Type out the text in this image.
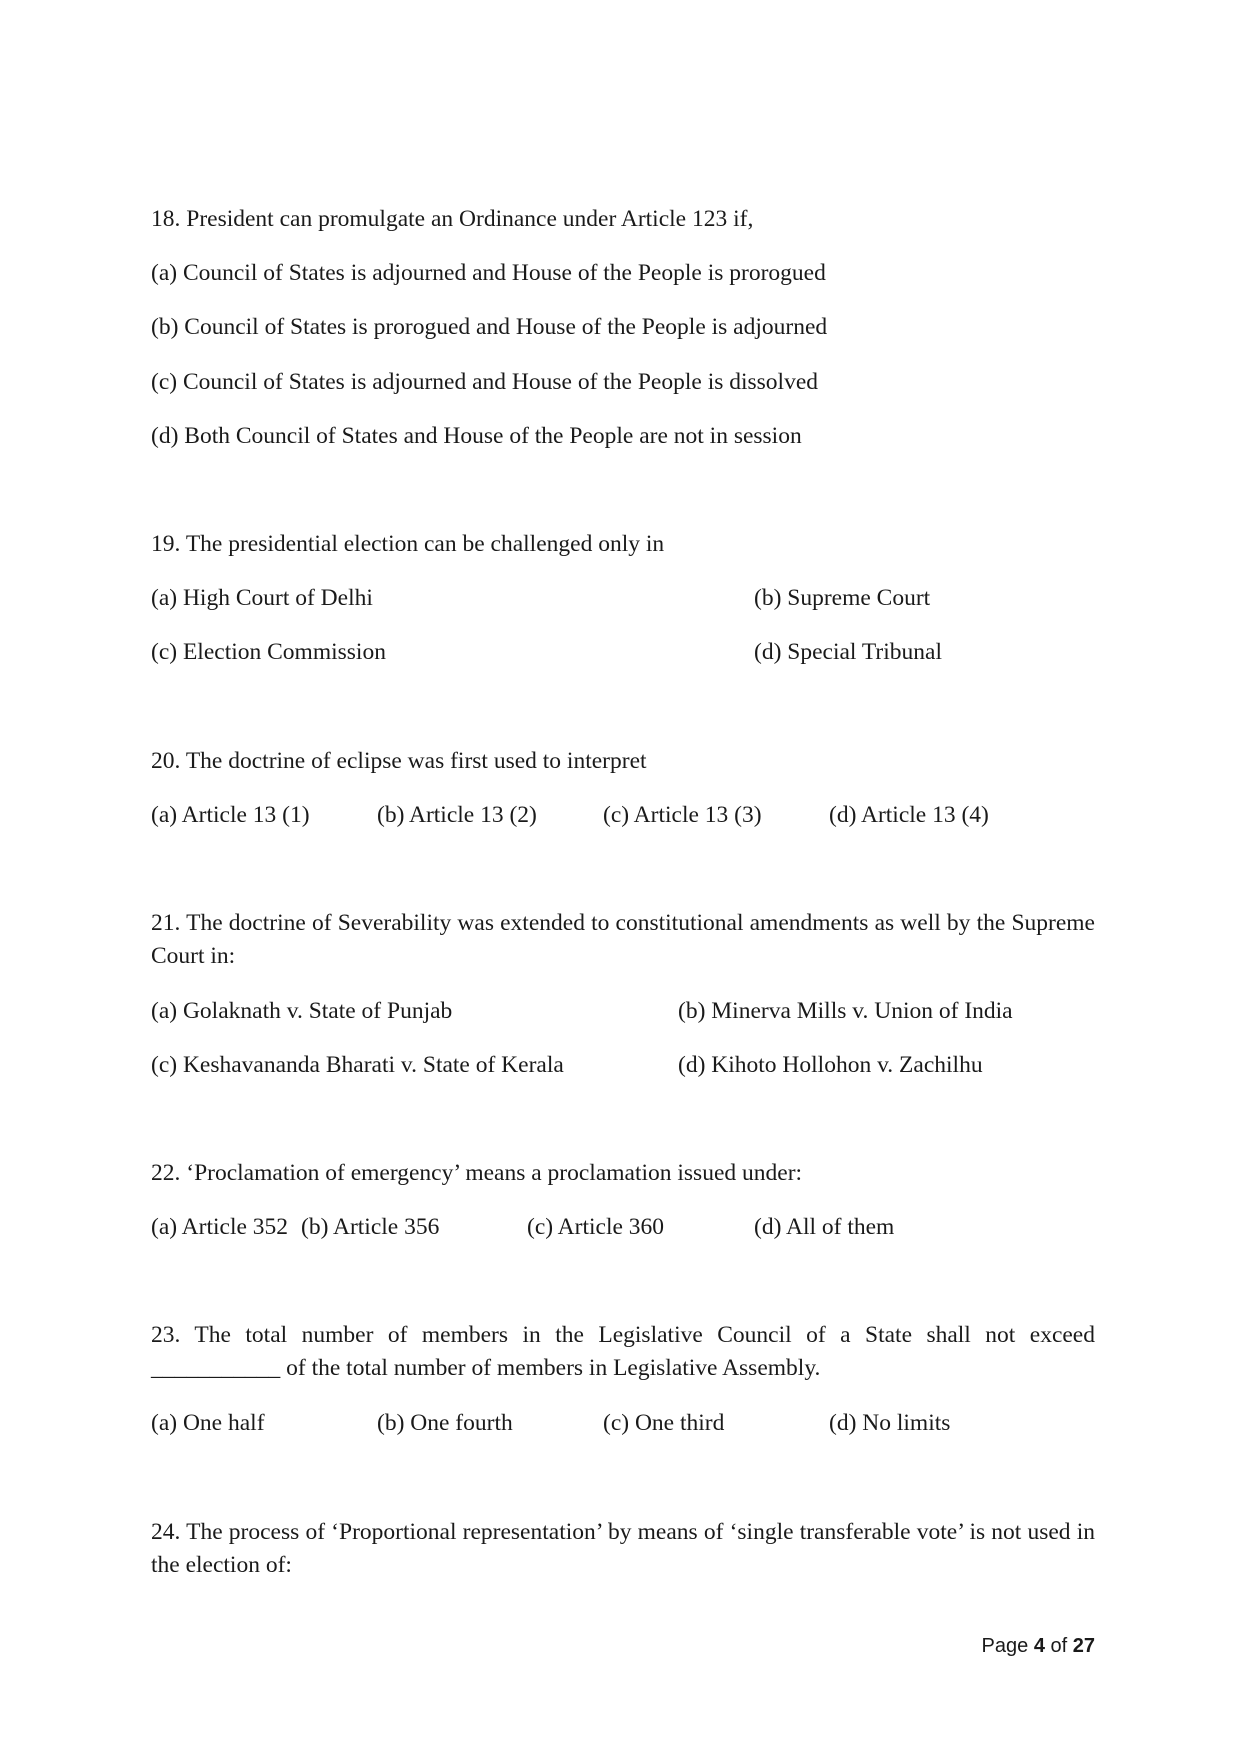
18. President can promulgate an Ordinance under Article 123 if,
(a) Council of States is adjourned and House of the People is prorogued
(b) Council of States is prorogued and House of the People is adjourned
(c) Council of States is adjourned and House of the People is dissolved
(d) Both Council of States and House of the People are not in session
19. The presidential election can be challenged only in
(a) High Court of Delhi	(b) Supreme Court
(c) Election Commission	(d) Special Tribunal
20. The doctrine of eclipse was first used to interpret
(a) Article 13 (1)	(b) Article 13 (2)	(c) Article 13 (3)	(d) Article 13 (4)
21. The doctrine of Severability was extended to constitutional amendments as well by the Supreme Court in:
(a) Golaknath v. State of Punjab	(b) Minerva Mills v. Union of India
(c) Keshavananda Bharati v. State of Kerala	(d) Kihoto Hollohon v. Zachilhu
22. ‘Proclamation of emergency’ means a proclamation issued under:
(a) Article 352 (b) Article 356	(c) Article 360	(d) All of them
23. The total number of members in the Legislative Council of a State shall not exceed ___________ of the total number of members in Legislative Assembly.
(a) One half	(b) One fourth	(c) One third	(d) No limits
24. The process of ‘Proportional representation’ by means of ‘single transferable vote’ is not used in the election of:
Page 4 of 27
